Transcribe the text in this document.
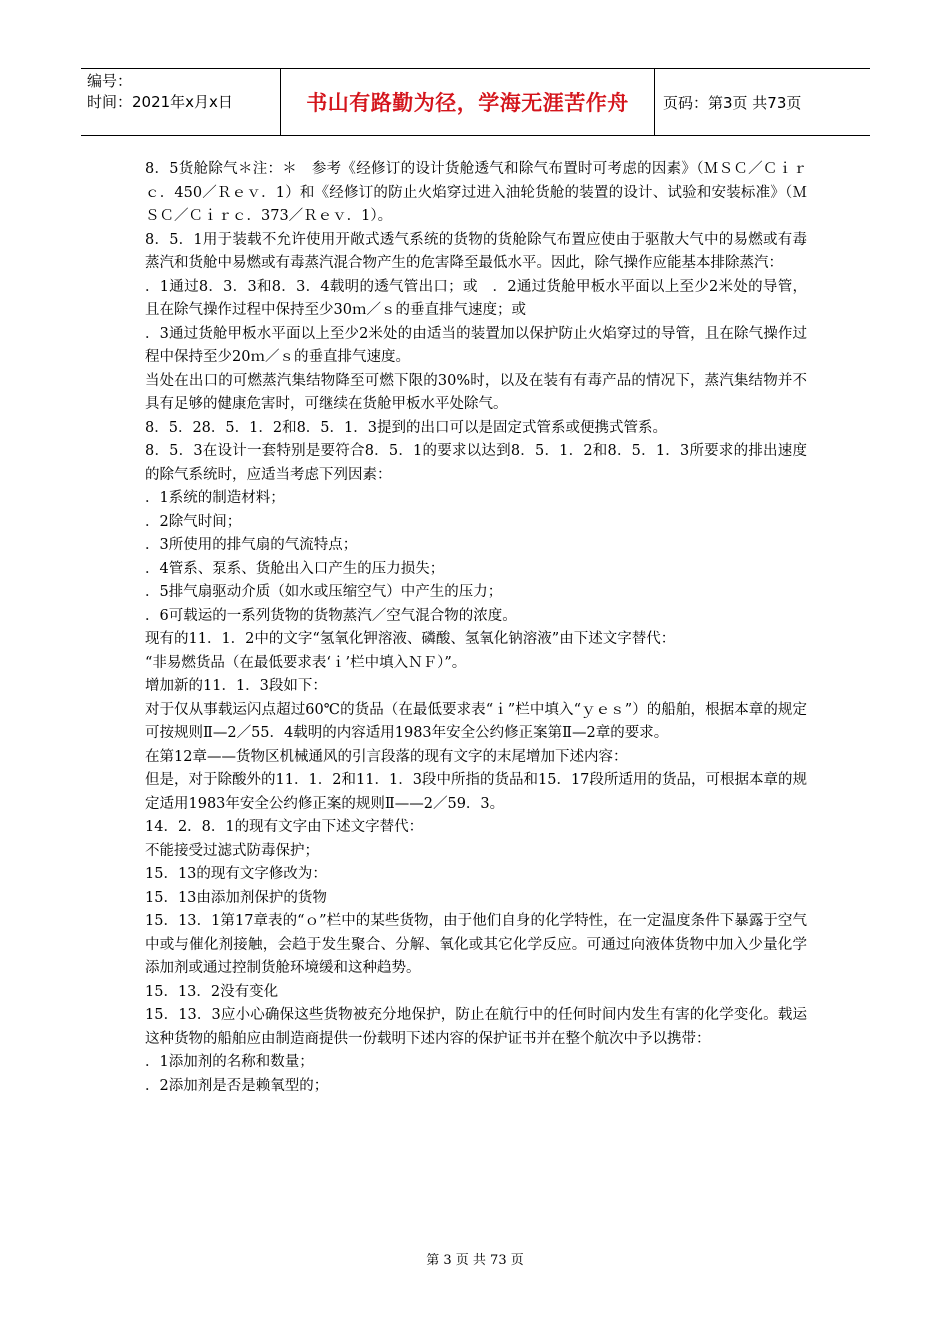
编号：
时间：2021年x月x日	书山有路勤为径，学海无涯苦作舟 页码：第3页 共73页

8．5货舱除气＊注：＊　参考《经修订的设计货舱透气和除气布置时可考虑的因素》（ＭＳＣ／Ｃｉｒｃ．450／Ｒｅｖ．1）和《经修订的防止火焰穿过进入油轮货舱的装置的设计、试验和安装标准》（ＭＳＣ／Ｃｉｒｃ．373／Ｒｅｖ．1）。

8．5．1用于装载不允许使用开敞式透气系统的货物的货舱除气布置应使由于驱散大气中的易燃或有毒蒸汽和货舱中易燃或有毒蒸汽混合物产生的危害降至最低水平。因此，除气操作应能基本排除蒸汽：

．1通过8．3．3和8．3．4载明的透气管出口；或　．2通过货舱甲板水平面以上至少2米处的导管，且在除气操作过程中保持至少30ｍ／ｓ的垂直排气速度；或

．3通过货舱甲板水平面以上至少2米处的由适当的装置加以保护防止火焰穿过的导管，且在除气操作过程中保持至少20ｍ／ｓ的垂直排气速度。

当处在出口的可燃蒸汽集结物降至可燃下限的30%时，以及在装有有毒产品的情况下，蒸汽集结物并不具有足够的健康危害时，可继续在货舱甲板水平处除气。

8．5．28．5．1．2和8．5．1．3提到的出口可以是固定式管系或便携式管系。

8．5．3在设计一套特别是要符合8．5．1的要求以达到8．5．1．2和8．5．1．3所要求的排出速度的除气系统时，应适当考虑下列因素：

．1系统的制造材料；

．2除气时间；

．3所使用的排气扇的气流特点；

．4管系、泵系、货舱出入口产生的压力损失；

．5排气扇驱动介质（如水或压缩空气）中产生的压力；

．6可载运的一系列货物的货物蒸汽／空气混合物的浓度。

现有的11．1．2中的文字“氢氧化钾溶液、磷酸、氢氧化钠溶液”由下述文字替代：

“非易燃货品（在最低要求表‘ｉ’栏中填入ＮＦ）”。

增加新的11．1．3段如下：

对于仅从事载运闪点超过60℃的货品（在最低要求表“ｉ”栏中填入“ｙｅｓ”）的船舶，根据本章的规定可按规则Ⅱ—2／55．4载明的内容适用1983年安全公约修正案第Ⅱ—2章的要求。

在第12章——货物区机械通风的引言段落的现有文字的末尾增加下述内容：

但是，对于除酸外的11．1．2和11．1．3段中所指的货品和15．17段所适用的货品，可根据本章的规定适用1983年安全公约修正案的规则Ⅱ——2／59．3。

14．2．8．1的现有文字由下述文字替代：

不能接受过滤式防毒保护；

15．13的现有文字修改为：

15．13由添加剂保护的货物

15．13．1第17章表的“ｏ”栏中的某些货物，由于他们自身的化学特性，在一定温度条件下暴露于空气中或与催化剂接触，会趋于发生聚合、分解、氧化或其它化学反应。可通过向液体货物中加入少量化学添加剂或通过控制货舱环境缓和这种趋势。

15．13．2没有变化

15．13．3应小心确保这些货物被充分地保护，防止在航行中的任何时间内发生有害的化学变化。载运这种货物的船舶应由制造商提供一份载明下述内容的保护证书并在整个航次中予以携带：

．1添加剂的名称和数量；

．2添加剂是否是赖氧型的；

第 3 页 共 73 页
